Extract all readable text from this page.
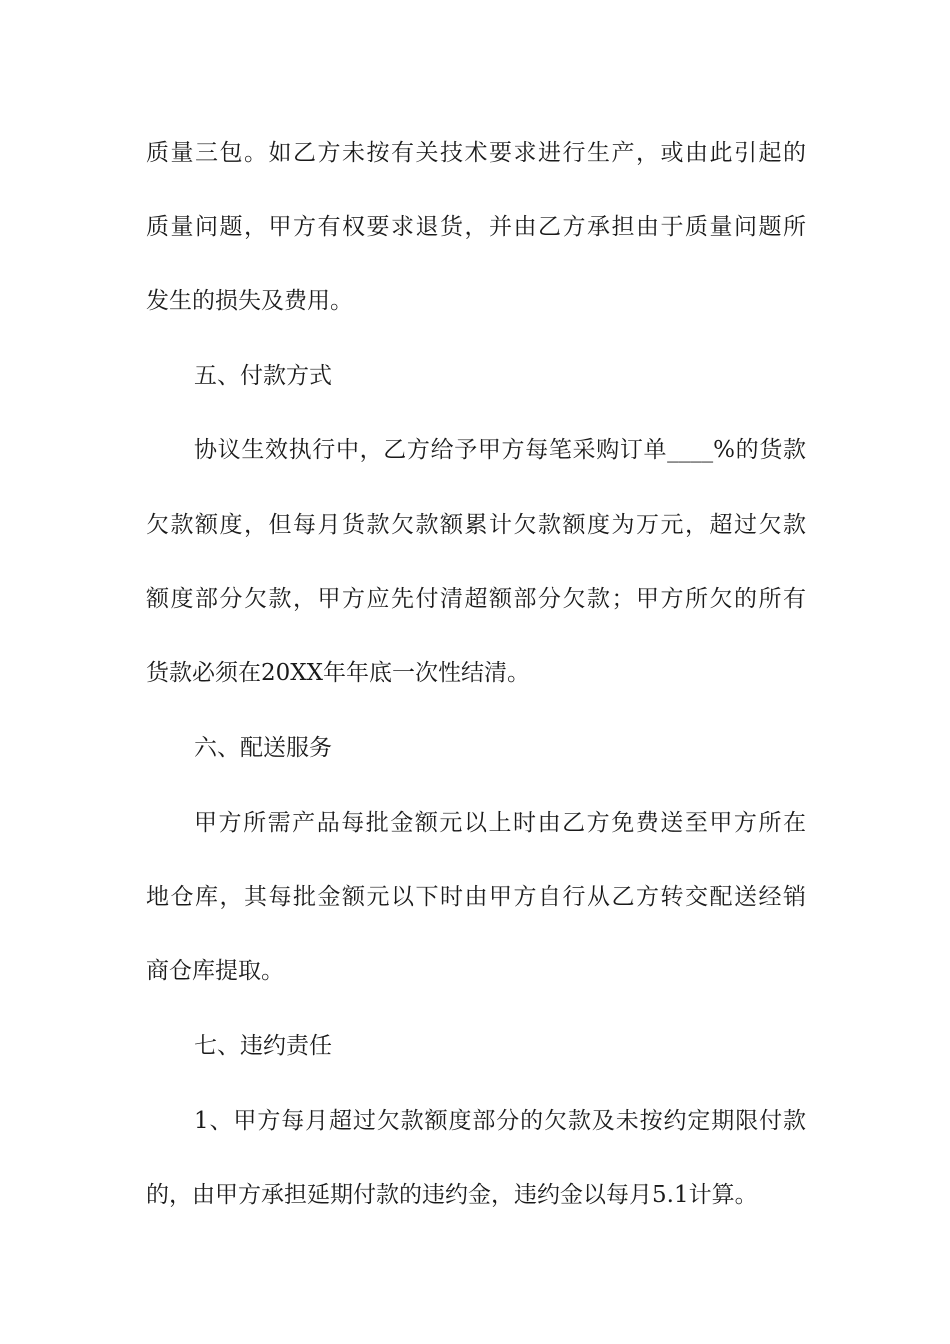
质量三包。如乙方未按有关技术要求进行生产，或由此引起的
质量问题，甲方有权要求退货，并由乙方承担由于质量问题所
发生的损失及费用。
五、付款方式
协议生效执行中，乙方给予甲方每笔采购订单____%的货款
欠款额度，但每月货款欠款额累计欠款额度为万元，超过欠款
额度部分欠款，甲方应先付清超额部分欠款；甲方所欠的所有
货款必须在20XX年年底一次性结清。
六、配送服务
甲方所需产品每批金额元以上时由乙方免费送至甲方所在
地仓库，其每批金额元以下时由甲方自行从乙方转交配送经销
商仓库提取。
七、违约责任
1、甲方每月超过欠款额度部分的欠款及未按约定期限付款
的，由甲方承担延期付款的违约金，违约金以每月5.1计算。
